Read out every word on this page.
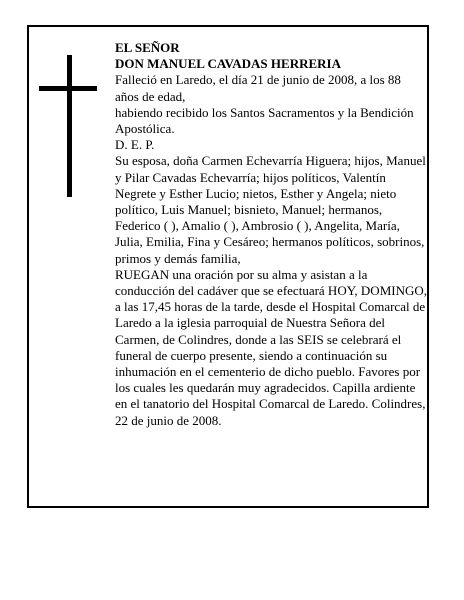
EL SEÑOR

DON MANUEL CAVADAS HERRERIA

Falleció en Laredo, el día 21 de junio de 2008, a los 88 años de edad,

habiendo recibido los Santos Sacramentos y la Bendición Apostólica.

D. E. P.

Su esposa, doña Carmen Echevarría Higuera; hijos, Manuel y Pilar Cavadas Echevarría; hijos políticos, Valentín Negrete y Esther Lucio; nietos, Esther y Angela; nieto político, Luis Manuel; bisnieto, Manuel; hermanos, Federico ( ), Amalio ( ), Ambrosio ( ), Angelita, María, Julia, Emilia, Fina y Cesáreo; hermanos políticos, sobrinos, primos y demás familia,

RUEGAN una oración por su alma y asistan a la conducción del cadáver que se efectuará HOY, DOMINGO, a las 17,45 horas de la tarde, desde el Hospital Comarcal de Laredo a la iglesia parroquial de Nuestra Señora del Carmen, de Colindres, donde a las SEIS se celebrará el funeral de cuerpo presente, siendo a continuación su inhumación en el cementerio de dicho pueblo. Favores por los cuales les quedarán muy agradecidos. Capilla ardiente en el tanatorio del Hospital Comarcal de Laredo. Colindres, 22 de junio de 2008.
